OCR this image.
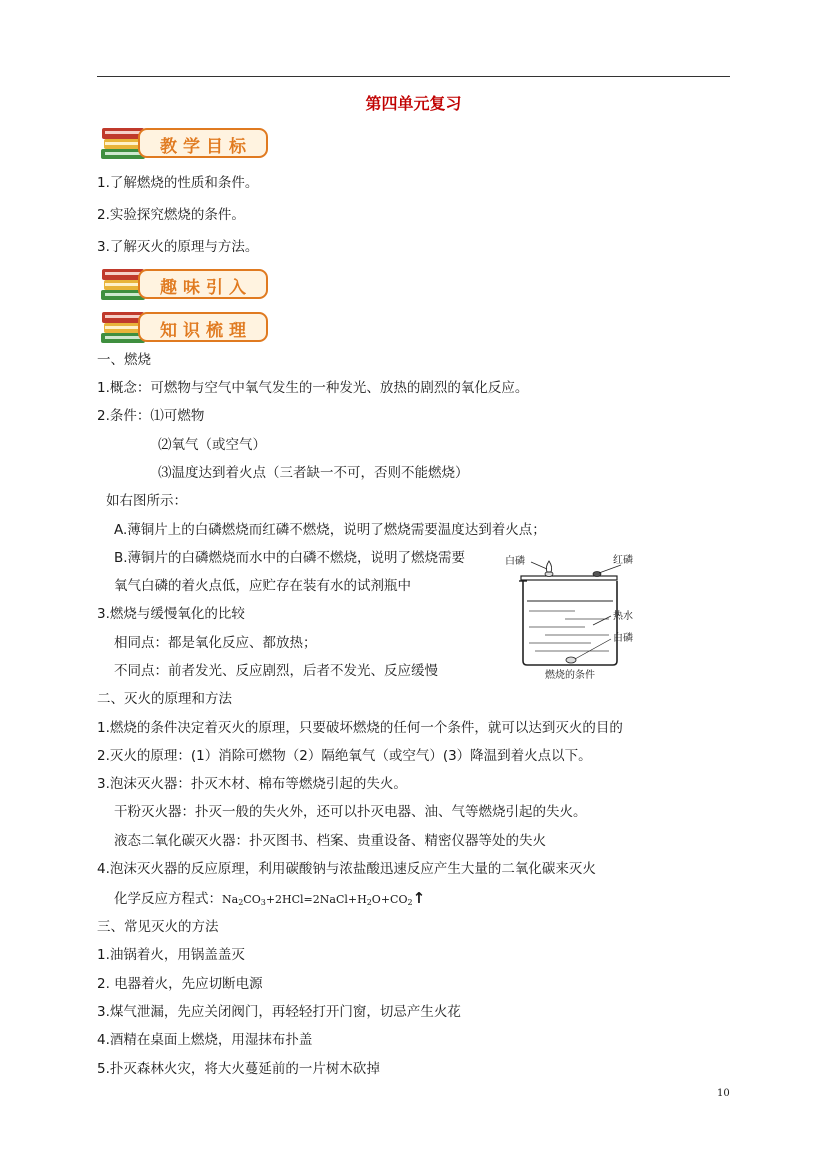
第四单元复习
教学目标
1.了解燃烧的性质和条件。
2.实验探究燃烧的条件。
3.了解灭火的原理与方法。
趣味引入
知识梳理
一、燃烧
1.概念：可燃物与空气中氧气发生的一种发光、放热的剧烈的氧化反应。
2.条件：⑴可燃物
⑵氧气（或空气）
⑶温度达到着火点（三者缺一不可，否则不能燃烧）
如右图所示：
A.薄铜片上的白磷燃烧而红磷不燃烧，说明了燃烧需要温度达到着火点；
B.薄铜片的白磷燃烧而水中的白磷不燃烧，说明了燃烧需要
氧气白磷的着火点低，应贮存在装有水的试剂瓶中
3.燃烧与缓慢氧化的比较
相同点：都是氧化反应、都放热；
不同点：前者发光、反应剧烈，后者不发光、反应缓慢
白磷	红磷
热水
白磷
燃烧的条件
二、灭火的原理和方法
1.燃烧的条件决定着灭火的原理，只要破坏燃烧的任何一个条件，就可以达到灭火的目的
2.灭火的原理：(1）消除可燃物（2）隔绝氧气（或空气）(3）降温到着火点以下。
3.泡沫灭火器：扑灭木材、棉布等燃烧引起的失火。
干粉灭火器：扑灭一般的失火外，还可以扑灭电器、油、气等燃烧引起的失火。
液态二氧化碳灭火器：扑灭图书、档案、贵重设备、精密仪器等处的失火
4.泡沫灭火器的反应原理，利用碳酸钠与浓盐酸迅速反应产生大量的二氧化碳来灭火
化学反应方程式：$Na_2CO_3+2HCl=2NaCl+H_2O+CO_2↑$
三、常见灭火的方法
1.油锅着火，用锅盖盖灭
2. 电器着火，先应切断电源
3.煤气泄漏，先应关闭阀门，再轻轻打开门窗，切忌产生火花
4.酒精在桌面上燃烧，用湿抹布扑盖
5.扑灭森林火灾，将大火蔓延前的一片树木砍掉
10
